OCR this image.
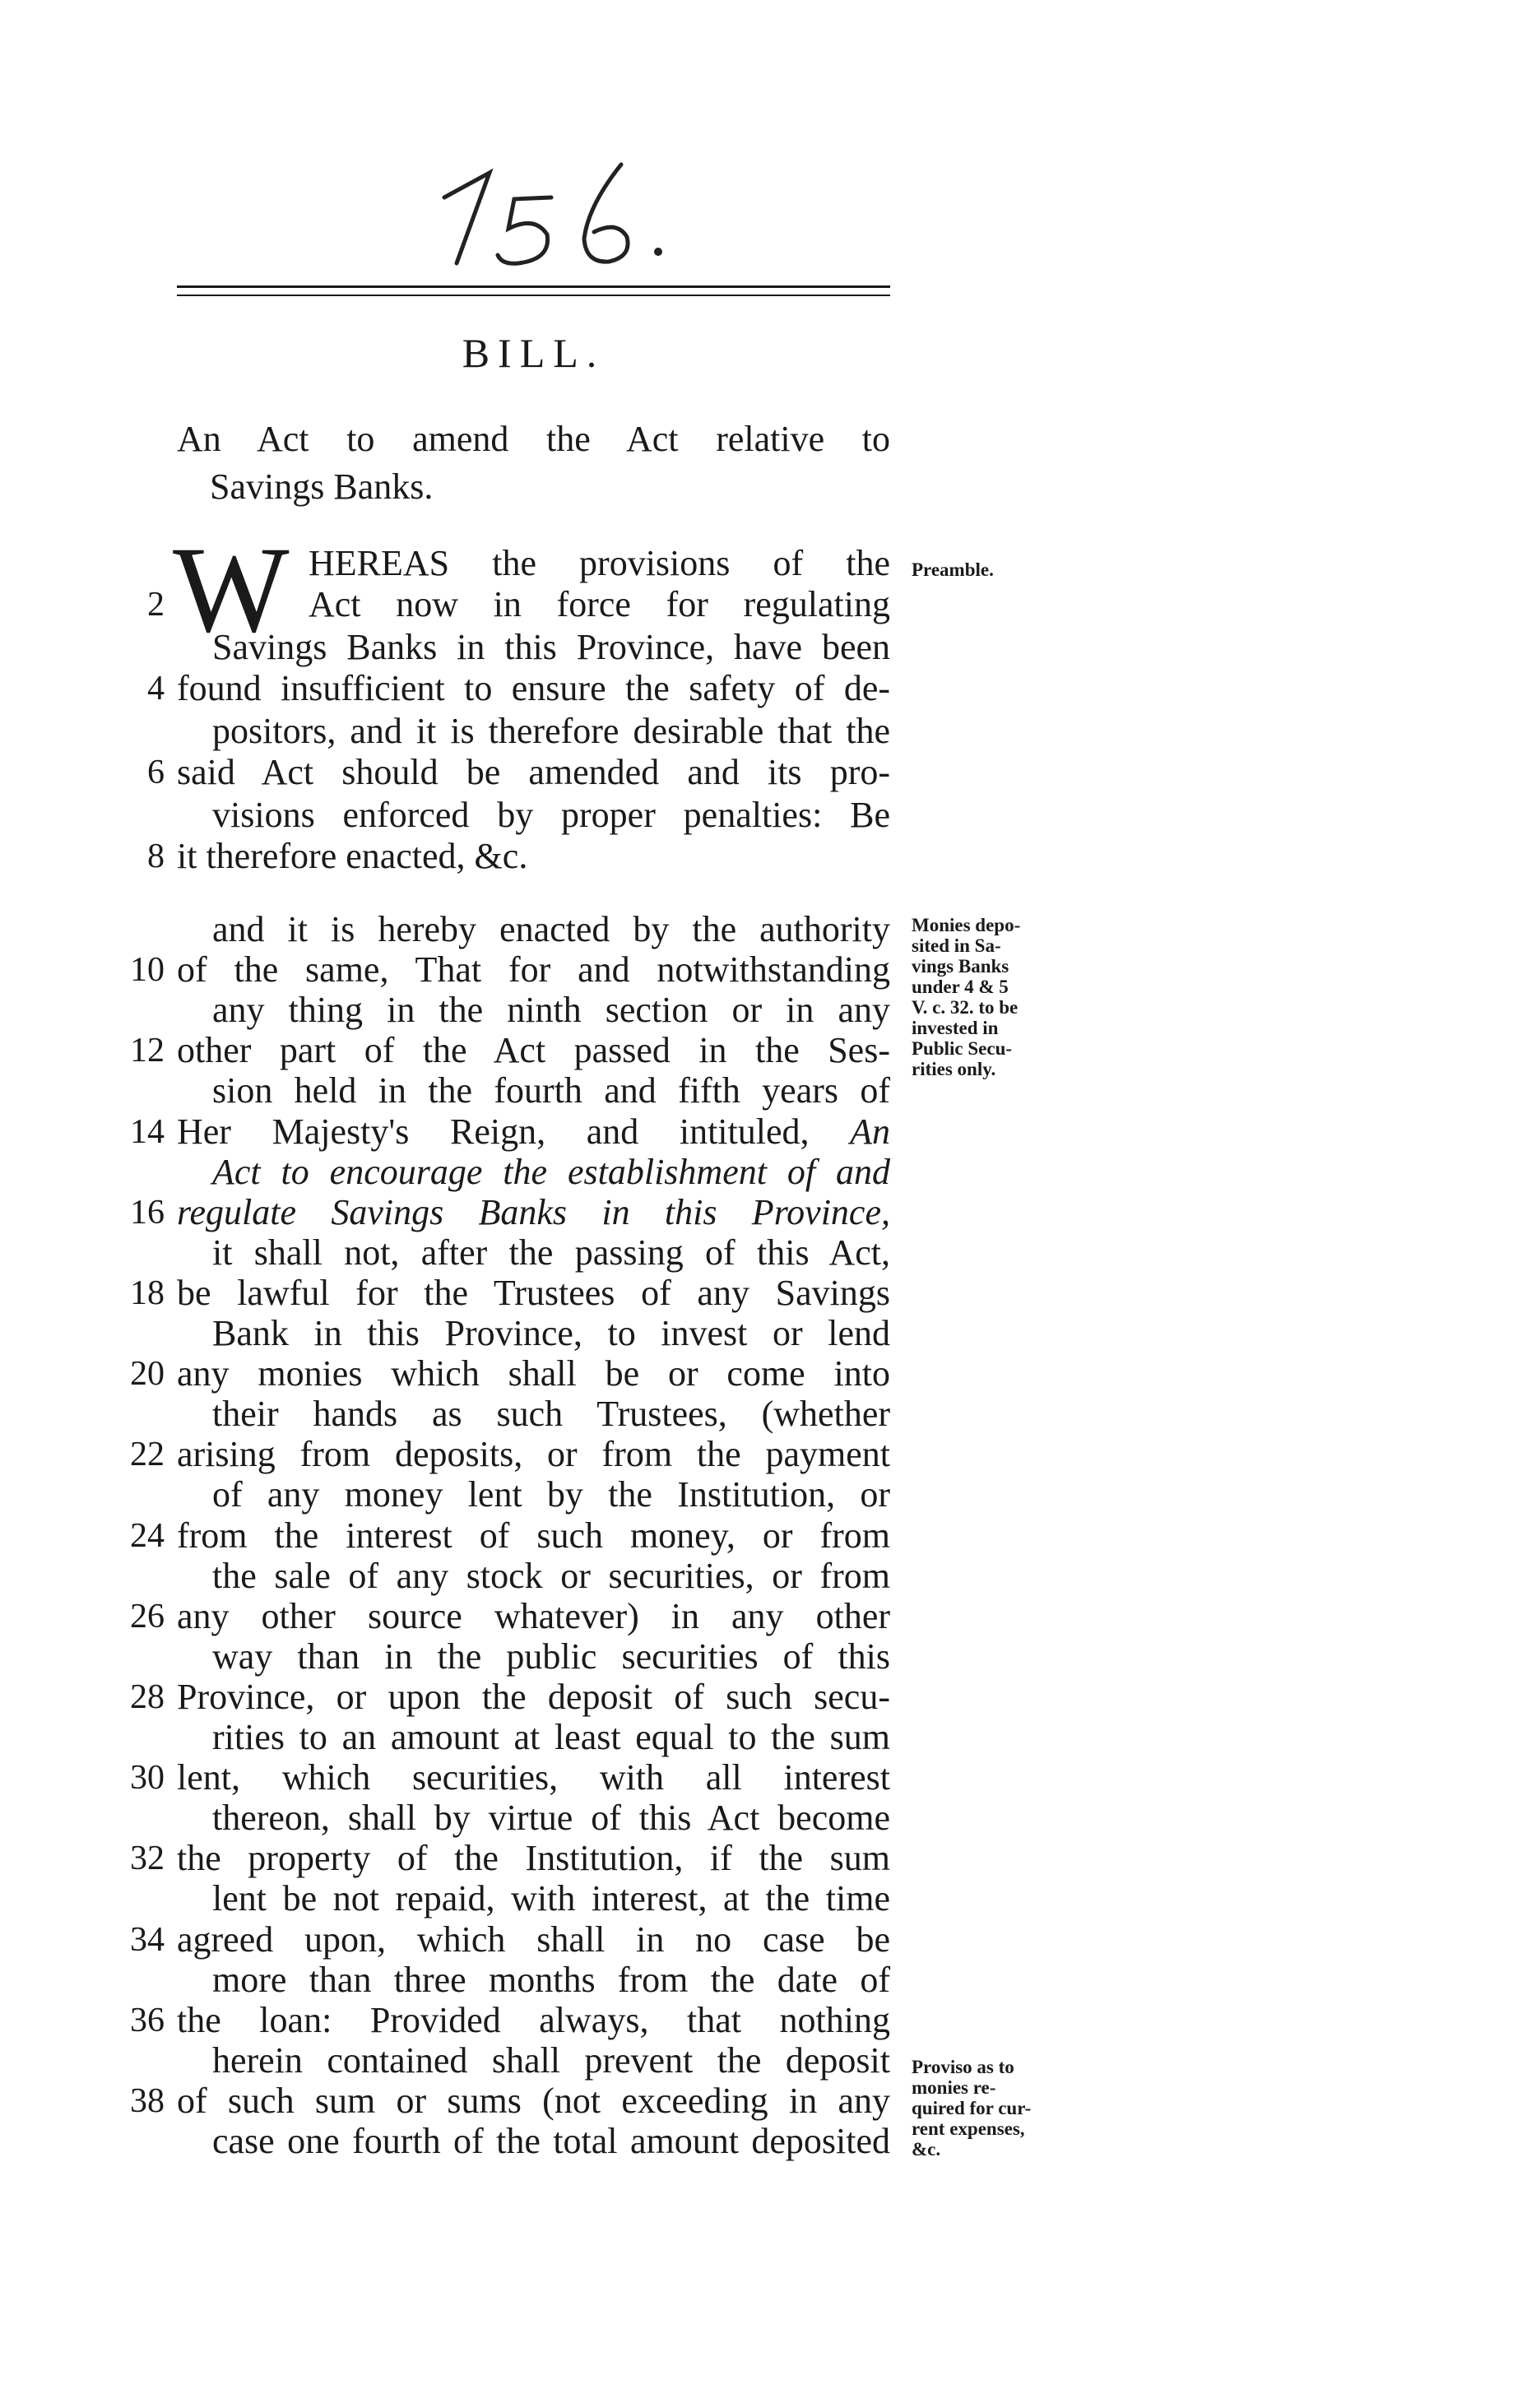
BILL.
An Act to amend the Act relative to
Savings Banks.
W HEREAS the provisions of the
Act now in force for regulating
2
Savings Banks in this Province, have been
found insufficient to ensure the safety of de-
4
positors, and it is therefore desirable that the
said Act should be amended and its pro-
6
visions enforced by proper penalties: Be
it therefore enacted, &c.
8
and it is hereby enacted by the authority
of the same, That for and notwithstanding
10
any thing in the ninth section or in any
other part of the Act passed in the Ses-
12
sion held in the fourth and fifth years of
Her Majesty's Reign, and intituled, An
14
Act to encourage the establishment of and
regulate Savings Banks in this Province,
16
it shall not, after the passing of this Act,
be lawful for the Trustees of any Savings
18
Bank in this Province, to invest or lend
any monies which shall be or come into
20
their hands as such Trustees, (whether
arising from deposits, or from the payment
22
of any money lent by the Institution, or
from the interest of such money, or from
24
the sale of any stock or securities, or from
any other source whatever) in any other
26
way than in the public securities of this
Province, or upon the deposit of such secu-
28
rities to an amount at least equal to the sum
lent, which securities, with all interest
30
thereon, shall by virtue of this Act become
the property of the Institution, if the sum
32
lent be not repaid, with interest, at the time
agreed upon, which shall in no case be
34
more than three months from the date of
the loan: Provided always, that nothing
36
herein contained shall prevent the deposit
of such sum or sums (not exceeding in any
38
case one fourth of the total amount deposited
Preamble.
Monies depo-
sited in Sa-
vings Banks
under 4 & 5
V. c. 32. to be
invested in
Public Secu-
rities only.
Proviso as to
monies re-
quired for cur-
rent expenses,
&c.
